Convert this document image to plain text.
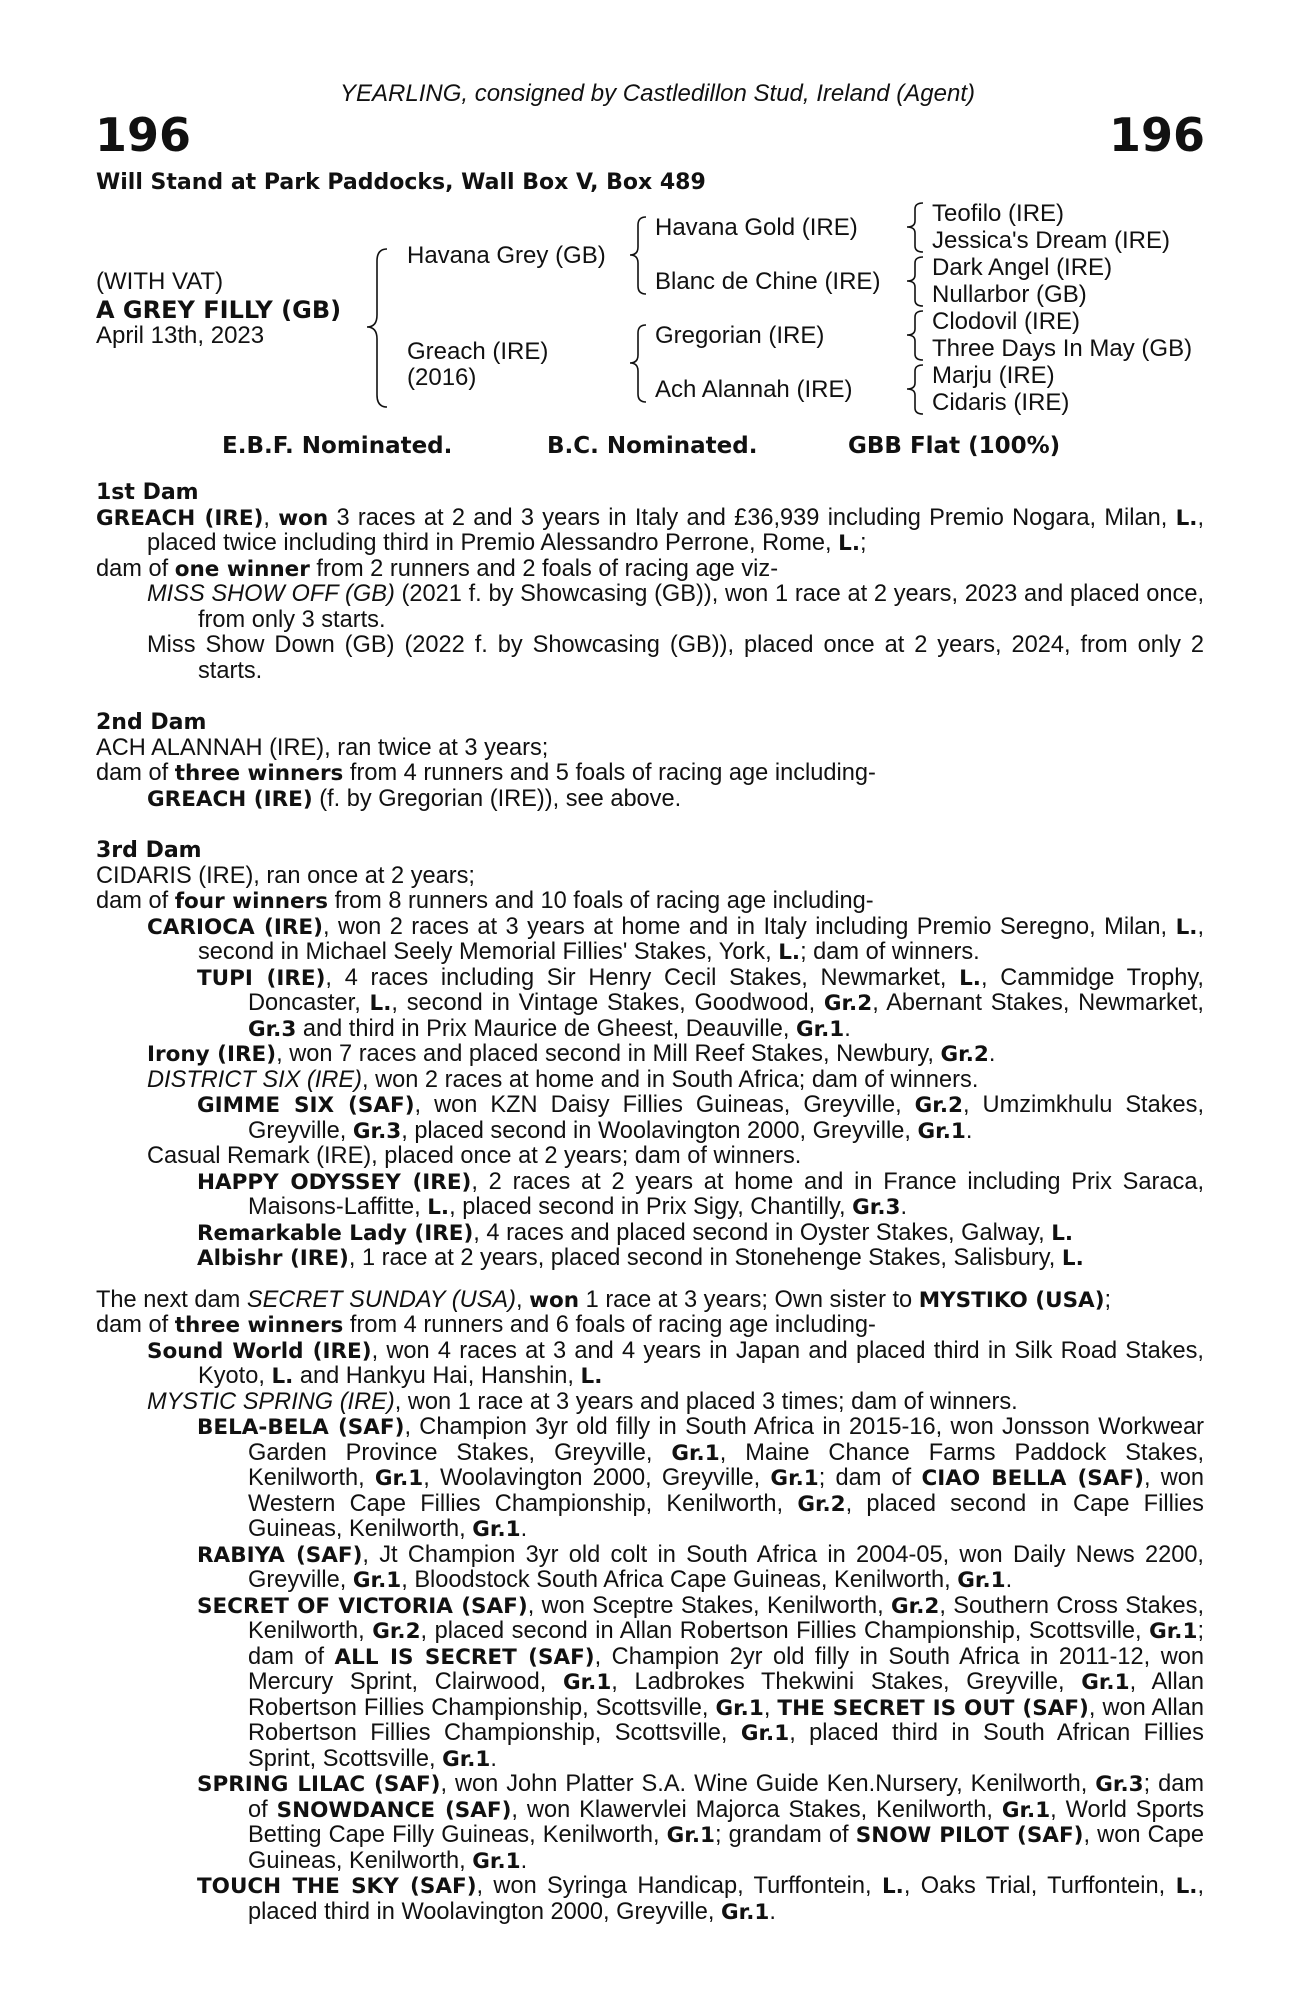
YEARLING, consigned by Castledillon Stud, Ireland (Agent)
196	196
Will Stand at Park Paddocks, Wall Box V, Box 489
(WITH VAT)
A GREY FILLY (GB)
April 13th, 2023
Havana Grey (GB)
Greach (IRE)
(2016)
Havana Gold (IRE)
Blanc de Chine (IRE)
Gregorian (IRE)
Ach Alannah (IRE)
Teofilo (IRE)
Jessica's Dream (IRE)
Dark Angel (IRE)
Nullarbor (GB)
Clodovil (IRE)
Three Days In May (GB)
Marju (IRE)
Cidaris (IRE)
E.B.F. Nominated.	B.C. Nominated.	GBB Flat (100%)

1st Dam

GREACH (IRE), won 3 races at 2 and 3 years in Italy and £36,939 including Premio Nogara, Milan, L., placed twice including third in Premio Alessandro Perrone, Rome, L.;

dam of one winner from 2 runners and 2 foals of racing age viz-

MISS SHOW OFF (GB) (2021 f. by Showcasing (GB)), won 1 race at 2 years, 2023 and placed once, from only 3 starts.

Miss Show Down (GB) (2022 f. by Showcasing (GB)), placed once at 2 years, 2024, from only 2 starts.

2nd Dam

ACH ALANNAH (IRE), ran twice at 3 years;

dam of three winners from 4 runners and 5 foals of racing age including-

GREACH (IRE) (f. by Gregorian (IRE)), see above.

3rd Dam

CIDARIS (IRE), ran once at 2 years;

dam of four winners from 8 runners and 10 foals of racing age including-

CARIOCA (IRE), won 2 races at 3 years at home and in Italy including Premio Seregno, Milan, L., second in Michael Seely Memorial Fillies' Stakes, York, L.; dam of winners.

TUPI (IRE), 4 races including Sir Henry Cecil Stakes, Newmarket, L., Cammidge Trophy, Doncaster, L., second in Vintage Stakes, Goodwood, Gr.2, Abernant Stakes, Newmarket, Gr.3 and third in Prix Maurice de Gheest, Deauville, Gr.1.

Irony (IRE), won 7 races and placed second in Mill Reef Stakes, Newbury, Gr.2.

DISTRICT SIX (IRE), won 2 races at home and in South Africa; dam of winners.

GIMME SIX (SAF), won KZN Daisy Fillies Guineas, Greyville, Gr.2, Umzimkhulu Stakes, Greyville, Gr.3, placed second in Woolavington 2000, Greyville, Gr.1.

Casual Remark (IRE), placed once at 2 years; dam of winners.

HAPPY ODYSSEY (IRE), 2 races at 2 years at home and in France including Prix Saraca, Maisons-Laffitte, L., placed second in Prix Sigy, Chantilly, Gr.3.

Remarkable Lady (IRE), 4 races and placed second in Oyster Stakes, Galway, L.

Albishr (IRE), 1 race at 2 years, placed second in Stonehenge Stakes, Salisbury, L.

The next dam SECRET SUNDAY (USA), won 1 race at 3 years; Own sister to MYSTIKO (USA);

dam of three winners from 4 runners and 6 foals of racing age including-

Sound World (IRE), won 4 races at 3 and 4 years in Japan and placed third in Silk Road Stakes, Kyoto, L. and Hankyu Hai, Hanshin, L.

MYSTIC SPRING (IRE), won 1 race at 3 years and placed 3 times; dam of winners.

BELA-BELA (SAF), Champion 3yr old filly in South Africa in 2015-16, won Jonsson Workwear Garden Province Stakes, Greyville, Gr.1, Maine Chance Farms Paddock Stakes, Kenilworth, Gr.1, Woolavington 2000, Greyville, Gr.1; dam of CIAO BELLA (SAF), won Western Cape Fillies Championship, Kenilworth, Gr.2, placed second in Cape Fillies Guineas, Kenilworth, Gr.1.

RABIYA (SAF), Jt Champion 3yr old colt in South Africa in 2004-05, won Daily News 2200, Greyville, Gr.1, Bloodstock South Africa Cape Guineas, Kenilworth, Gr.1.

SECRET OF VICTORIA (SAF), won Sceptre Stakes, Kenilworth, Gr.2, Southern Cross Stakes, Kenilworth, Gr.2, placed second in Allan Robertson Fillies Championship, Scottsville, Gr.1; dam of ALL IS SECRET (SAF), Champion 2yr old filly in South Africa in 2011-12, won Mercury Sprint, Clairwood, Gr.1, Ladbrokes Thekwini Stakes, Greyville, Gr.1, Allan Robertson Fillies Championship, Scottsville, Gr.1, THE SECRET IS OUT (SAF), won Allan Robertson Fillies Championship, Scottsville, Gr.1, placed third in South African Fillies Sprint, Scottsville, Gr.1.

SPRING LILAC (SAF), won John Platter S.A. Wine Guide Ken.Nursery, Kenilworth, Gr.3; dam of SNOWDANCE (SAF), won Klawervlei Majorca Stakes, Kenilworth, Gr.1, World Sports Betting Cape Filly Guineas, Kenilworth, Gr.1; grandam of SNOW PILOT (SAF), won Cape Guineas, Kenilworth, Gr.1.

TOUCH THE SKY (SAF), won Syringa Handicap, Turffontein, L., Oaks Trial, Turffontein, L., placed third in Woolavington 2000, Greyville, Gr.1.
